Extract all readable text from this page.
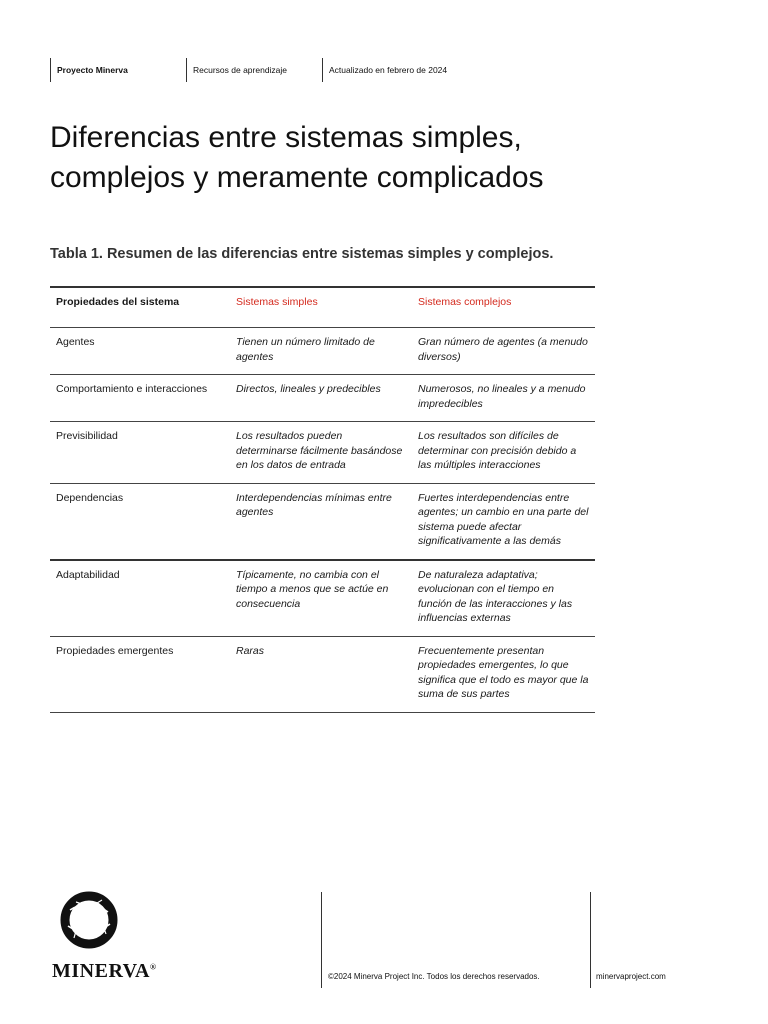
Proyecto Minerva	Recursos de aprendizaje	Actualizado en febrero de 2024
Diferencias entre sistemas simples,
complejos y meramente complicados
Tabla 1. Resumen de las diferencias entre sistemas simples y complejos.
Propiedades del sistema	Sistemas simples	Sistemas complejos
Agentes	Tienen un número limitado de agentes	Gran número de agentes (a menudo diversos)
Comportamiento e interacciones	Directos, lineales y predecibles	Numerosos, no lineales y a menudo impredecibles
Previsibilidad	Los resultados pueden determinarse fácilmente basándose en los datos de entrada	Los resultados son difíciles de determinar con precisión debido a las múltiples interacciones
Dependencias	Interdependencias mínimas entre agentes	Fuertes interdependencias entre agentes; un cambio en una parte del sistema puede afectar significativamente a las demás
Adaptabilidad	Típicamente, no cambia con el tiempo a menos que se actúe en consecuencia	De naturaleza adaptativa; evolucionan con el tiempo en función de las interacciones y las influencias externas
Propiedades emergentes	Raras	Frecuentemente presentan propiedades emergentes, lo que significa que el todo es mayor que la suma de sus partes
MINERVA®
©2024 Minerva Project Inc. Todos los derechos reservados.	minervaproject.com
